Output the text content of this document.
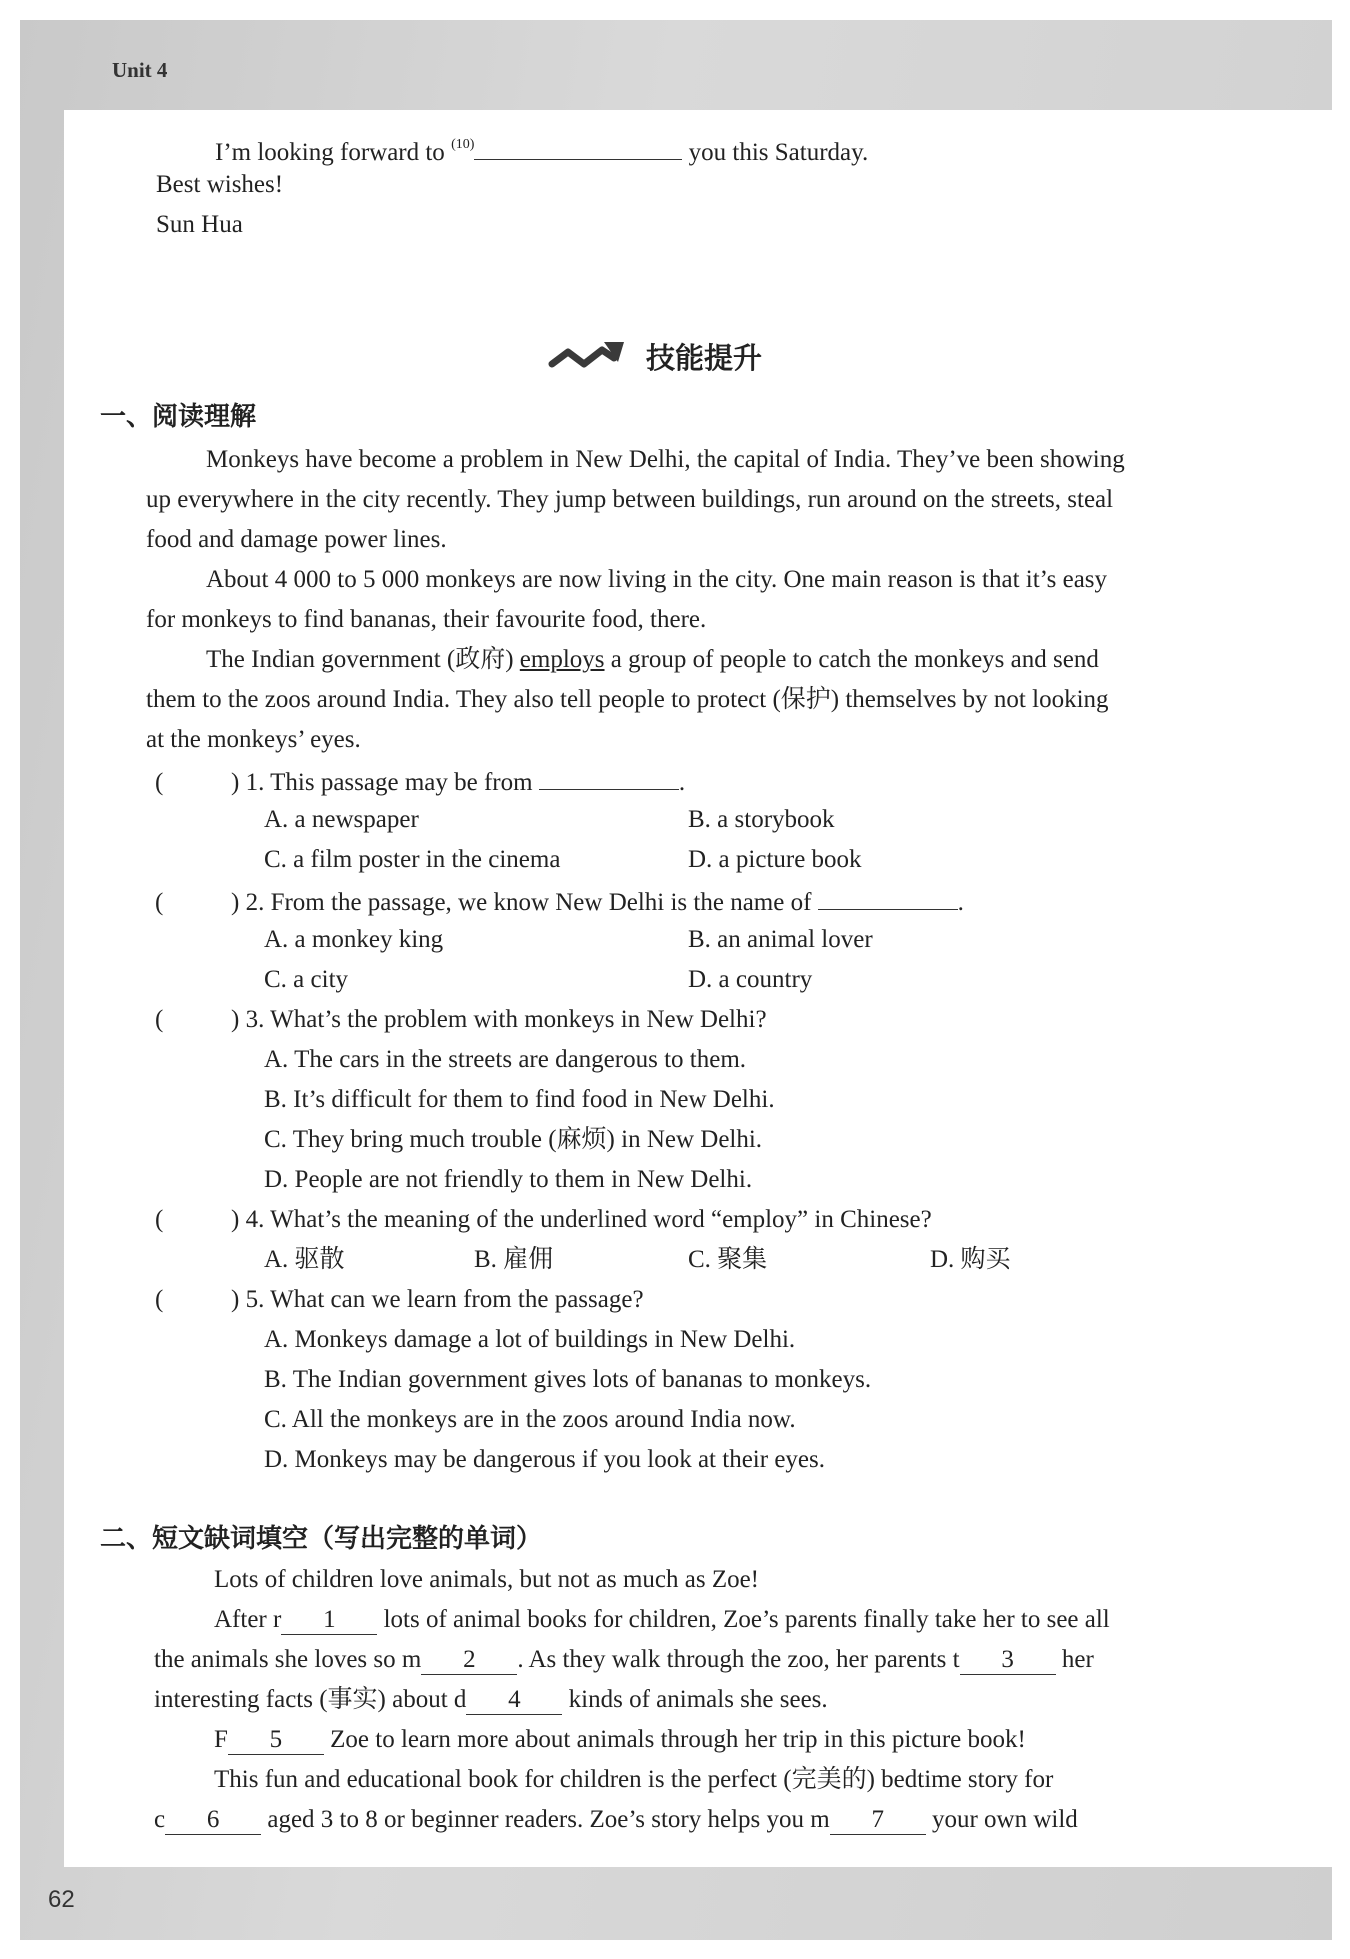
Unit 4
62
I’m looking forward to $^{(10)}$	you this Saturday.
Best wishes!
Sun Hua
技能提升
一、阅读理解
Monkeys have become a problem in New Delhi, the capital of India. They’ve been showing
up everywhere in the city recently. They jump between buildings, run around on the streets, steal
food and damage power lines.
About 4 000 to 5 000 monkeys are now living in the city. One main reason is that it’s easy
for monkeys to find bananas, their favourite food, there.
The Indian government (政府) employs a group of people to catch the monkeys and send
them to the zoos around India. They also tell people to protect (保护) themselves by not looking
at the monkeys’ eyes.
(	) 1. This passage may be from	.
A. a newspaper	B. a storybook
C. a film poster in the cinema	D. a picture book
(	) 2. From the passage, we know New Delhi is the name of	.
A. a monkey king	B. an animal lover
C. a city	D. a country
(	) 3. What’s the problem with monkeys in New Delhi?
A. The cars in the streets are dangerous to them.
B. It’s difficult for them to find food in New Delhi.
C. They bring much trouble (麻烦) in New Delhi.
D. People are not friendly to them in New Delhi.
(	) 4. What’s the meaning of the underlined word “employ” in Chinese?
A. 驱散	B. 雇佣	C. 聚集	D. 购买
(	) 5. What can we learn from the passage?
A. Monkeys damage a lot of buildings in New Delhi.
B. The Indian government gives lots of bananas to monkeys.
C. All the monkeys are in the zoos around India now.
D. Monkeys may be dangerous if you look at their eyes.
二、短文缺词填空（写出完整的单词）
Lots of children love animals, but not as much as Zoe!
After r 1 lots of animal books for children, Zoe’s parents finally take her to see all
the animals she loves so m 2 . As they walk through the zoo, her parents t 3 her
interesting facts (事实) about d 4 kinds of animals she sees.
F 5 Zoe to learn more about animals through her trip in this picture book!
This fun and educational book for children is the perfect (完美的) bedtime story for
c 6 aged 3 to 8 or beginner readers. Zoe’s story helps you m 7 your own wild
